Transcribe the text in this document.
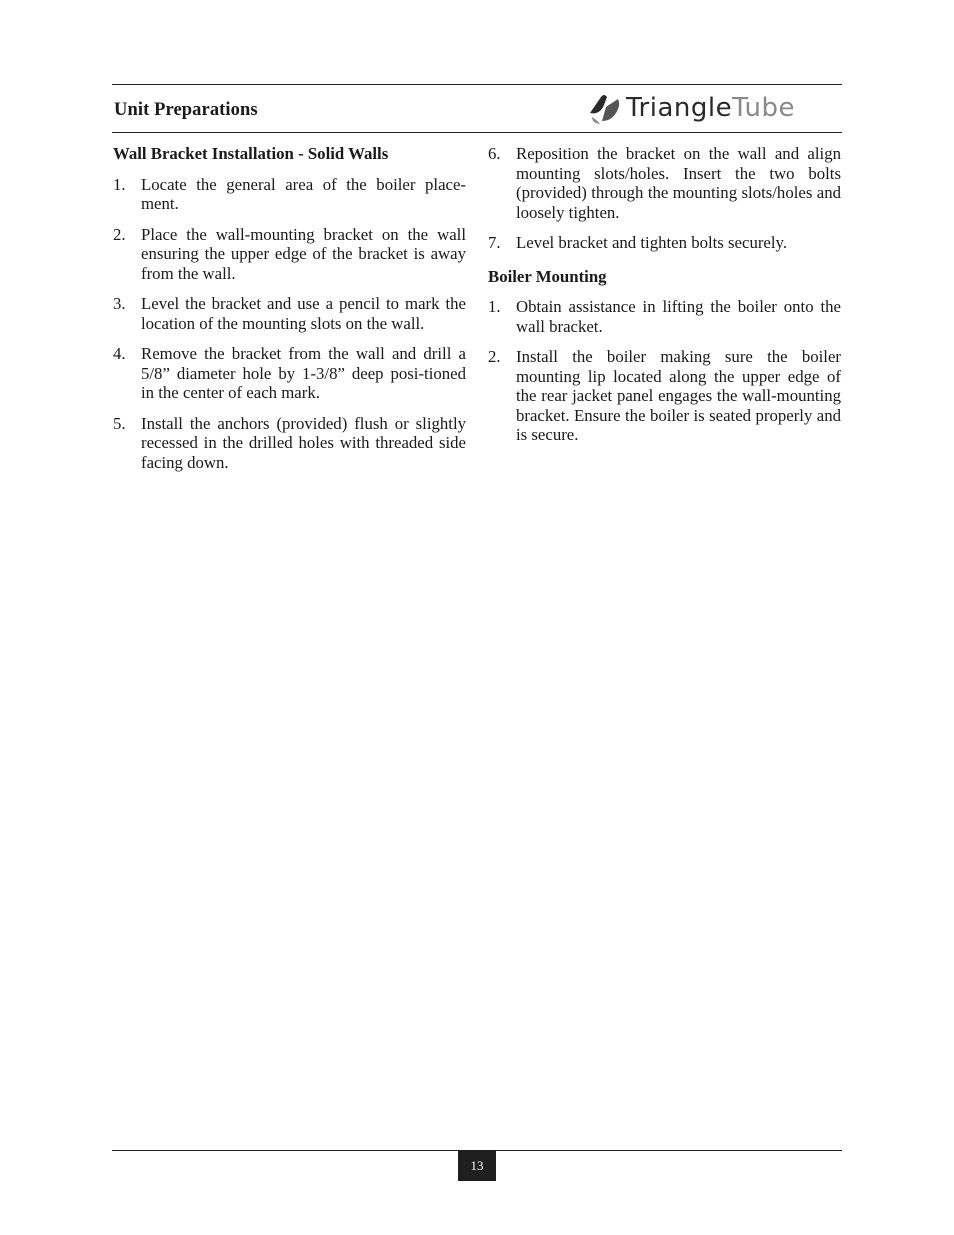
Unit Preparations	TriangleTube
Wall Bracket Installation - Solid Walls
1. Locate the general area of the boiler place-ment.
2. Place the wall-mounting bracket on the wall ensuring the upper edge of the bracket is away from the wall.
3. Level the bracket and use a pencil to mark the location of the mounting slots on the wall.
4. Remove the bracket from the wall and drill a 5/8” diameter hole by 1-3/8” deep posi-tioned in the center of each mark.
5. Install the anchors (provided) flush or slightly recessed in the drilled holes with threaded side facing down.
6. Reposition the bracket on the wall and align mounting slots/holes. Insert the two bolts (provided) through the mounting slots/holes and loosely tighten.
7. Level bracket and tighten bolts securely.
Boiler Mounting
1. Obtain assistance in lifting the boiler onto the wall bracket.
2. Install the boiler making sure the boiler mounting lip located along the upper edge of the rear jacket panel engages the wall-mounting bracket. Ensure the boiler is seated properly and is secure.
13
